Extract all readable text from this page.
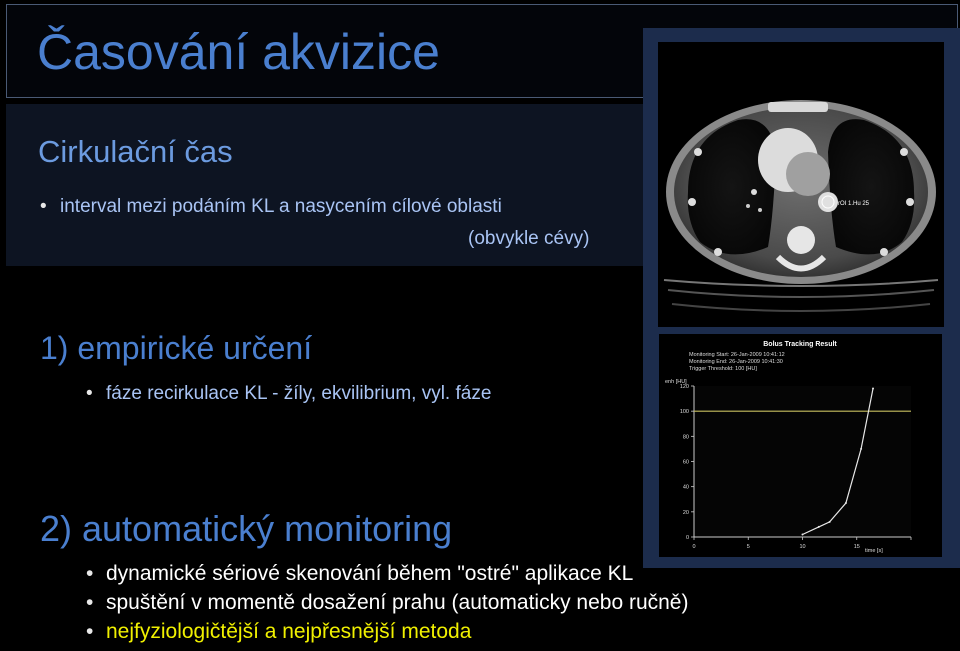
Časování akvizice
Cirkulační čas
• interval mezi podáním KL a nasycením cílové oblasti
(obvykle cévy)
1) empirické určení
• fáze recirkulace KL - žíly, ekvilibrium, vyl. fáze
2) automatický monitoring
• dynamické sériové skenování během "ostré" aplikace KL
• spuštění v momentě dosažení prahu (automaticky nebo ručně)
• nejfyziologičtější a nejpřesnější metoda
rOI 1.Hu 25
Bolus Tracking Result
Monitoring Start: 26-Jan-2009 10:41:12
Monitoring End: 26-Jan-2009 10:41:30
Trigger Threshold: 100 [HU]
enh [HU]
time [s]
0
20
40
60
80
100
120
0	5	10	15
